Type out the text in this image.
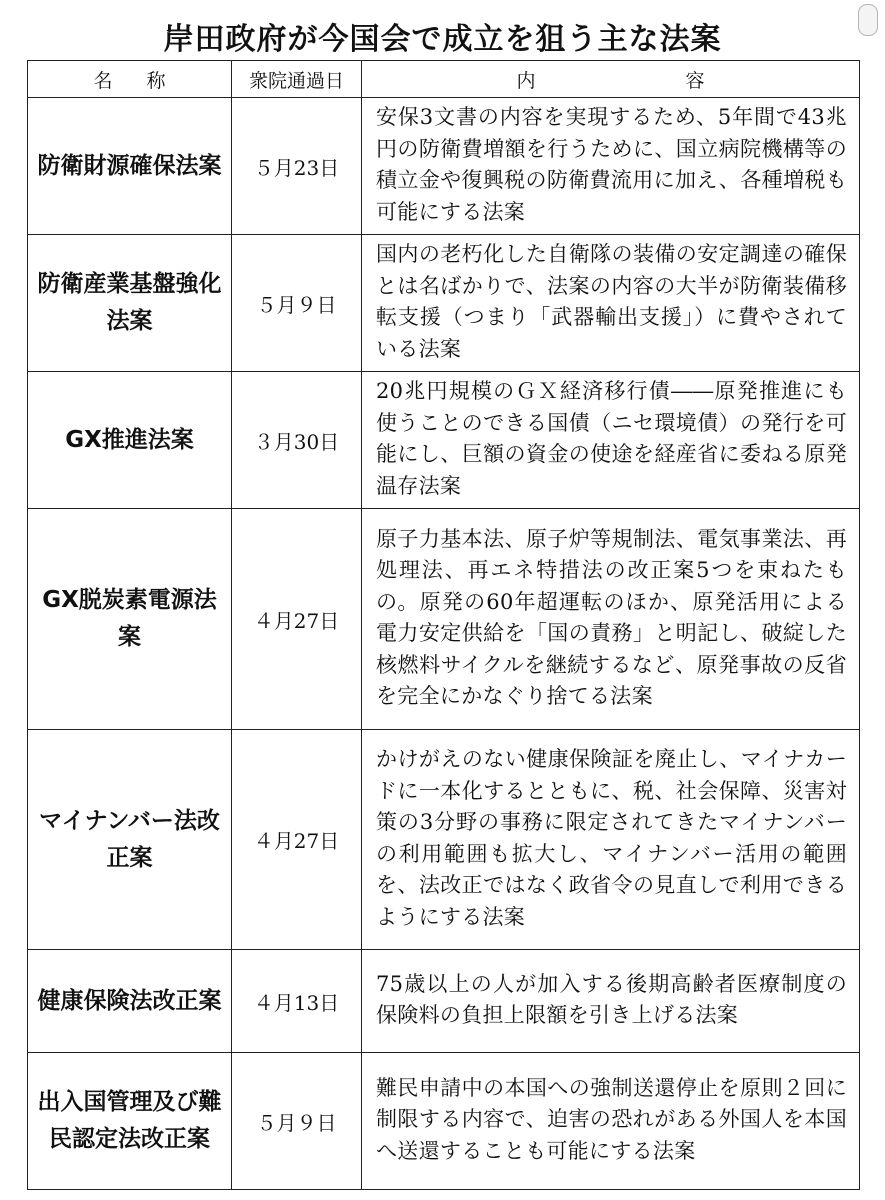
岸田政府が今国会で成立を狙う主な法案
名称	衆院通過日	内容
防衛財源確保法案	５月23日	安保3文書の内容を実現するため、5年間で43兆円の防衛費増額を行うために、国立病院機構等の積立金や復興税の防衛費流用に加え、各種増税も可能にする法案
防衛産業基盤強化法案	５月９日	国内の老朽化した自衛隊の装備の安定調達の確保とは名ばかりで、法案の内容の大半が防衛装備移転支援（つまり「武器輸出支援」）に費やされている法案
GX推進法案	３月30日	20兆円規模のＧＸ経済移行債――原発推進にも使うことのできる国債（ニセ環境債）の発行を可能にし、巨額の資金の使途を経産省に委ねる原発温存法案
GX脱炭素電源法案	４月27日	原子力基本法、原子炉等規制法、電気事業法、再処理法、再エネ特措法の改正案5つを束ねたもの。原発の60年超運転のほか、原発活用による電力安定供給を「国の責務」と明記し、破綻した核燃料サイクルを継続するなど、原発事故の反省を完全にかなぐり捨てる法案
マイナンバー法改正案	４月27日	かけがえのない健康保険証を廃止し、マイナカードに一本化するとともに、税、社会保障、災害対策の3分野の事務に限定されてきたマイナンバーの利用範囲も拡大し、マイナンバー活用の範囲を、法改正ではなく政省令の見直しで利用できるようにする法案
健康保険法改正案	４月13日	75歳以上の人が加入する後期高齢者医療制度の保険料の負担上限額を引き上げる法案
出入国管理及び難民認定法改正案	５月９日	難民申請中の本国への強制送還停止を原則２回に制限する内容で、迫害の恐れがある外国人を本国へ送還することも可能にする法案
